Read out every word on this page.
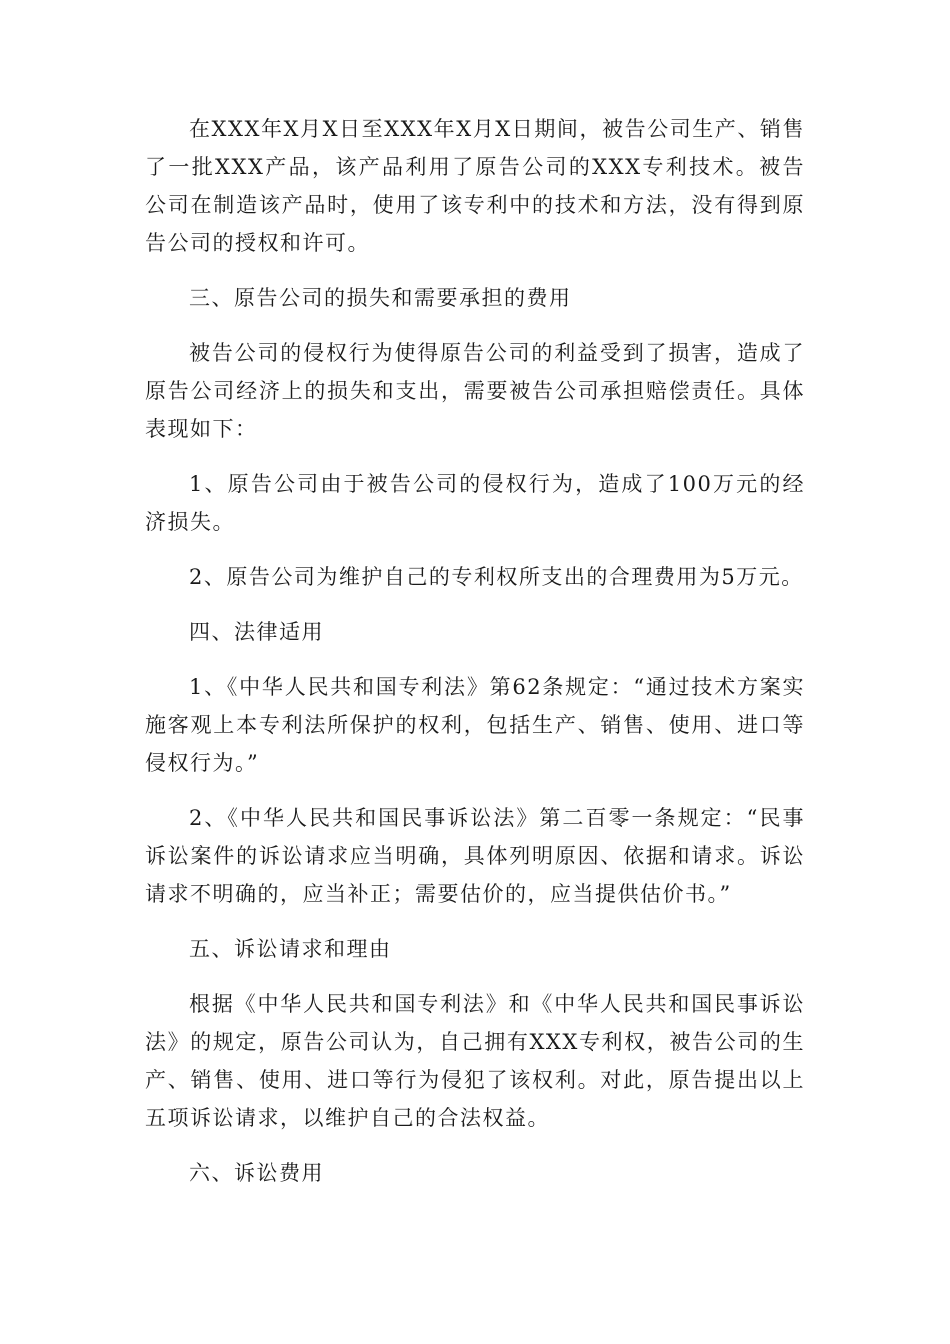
在XXX年X月X日至XXX年X月X日期间，被告公司生产、销售了一批XXX产品，该产品利用了原告公司的XXX专利技术。被告公司在制造该产品时，使用了该专利中的技术和方法，没有得到原告公司的授权和许可。

三、原告公司的损失和需要承担的费用

被告公司的侵权行为使得原告公司的利益受到了损害，造成了原告公司经济上的损失和支出，需要被告公司承担赔偿责任。具体表现如下：

1、原告公司由于被告公司的侵权行为，造成了100万元的经济损失。

2、原告公司为维护自己的专利权所支出的合理费用为5万元。

四、法律适用

1、《中华人民共和国专利法》第62条规定：“通过技术方案实施客观上本专利法所保护的权利，包括生产、销售、使用、进口等侵权行为。”

2、《中华人民共和国民事诉讼法》第二百零一条规定：“民事诉讼案件的诉讼请求应当明确，具体列明原因、依据和请求。诉讼请求不明确的，应当补正；需要估价的，应当提供估价书。”

五、诉讼请求和理由

根据《中华人民共和国专利法》和《中华人民共和国民事诉讼法》的规定，原告公司认为，自己拥有XXX专利权，被告公司的生产、销售、使用、进口等行为侵犯了该权利。对此，原告提出以上五项诉讼请求，以维护自己的合法权益。

六、诉讼费用
